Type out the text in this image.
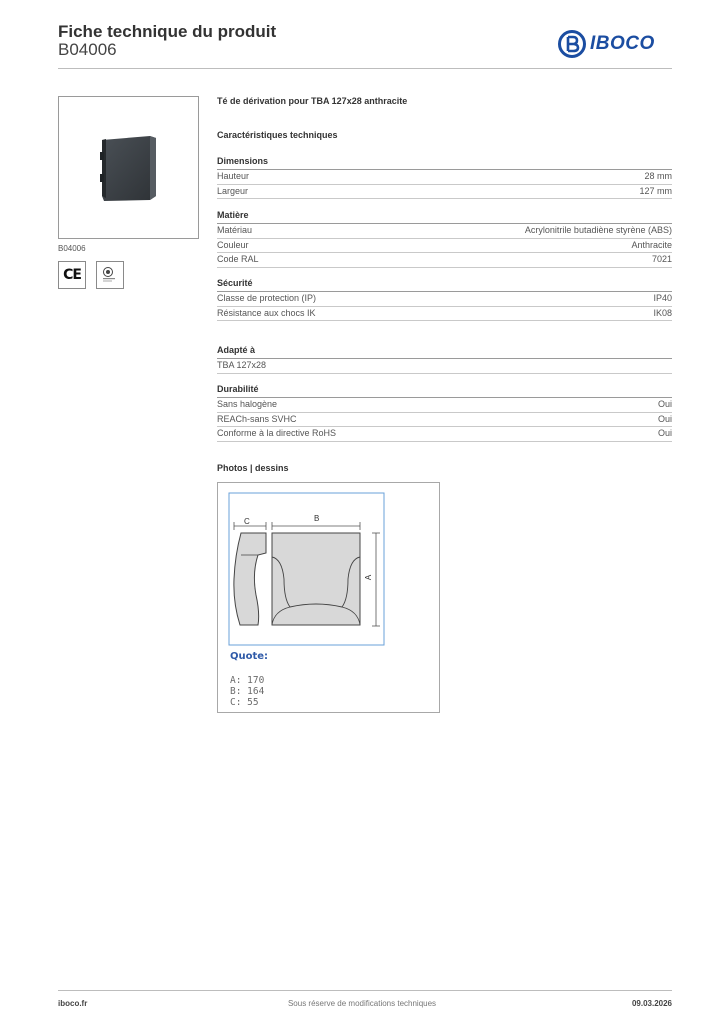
Fiche technique du produit
B04006	IBOCO
B04006
CE
Té de dérivation pour TBA 127x28 anthracite
Caractéristiques techniques
Dimensions
Hauteur	28 mm
Largeur	127 mm
Matière
Matériau	Acrylonitrile butadiène styrène (ABS)
Couleur	Anthracite
Code RAL	7021
Sécurité
Classe de protection (IP)	IP40
Résistance aux chocs IK	IK08
Adapté à
TBA 127x28
Durabilité
Sans halogène	Oui
REACh-sans SVHC	Oui
Conforme à la directive RoHS	Oui
Photos | dessins
C	B
A
Quote:
A: 170
B: 164
C: 55
iboco.fr	Sous réserve de modifications techniques	09.03.2026
